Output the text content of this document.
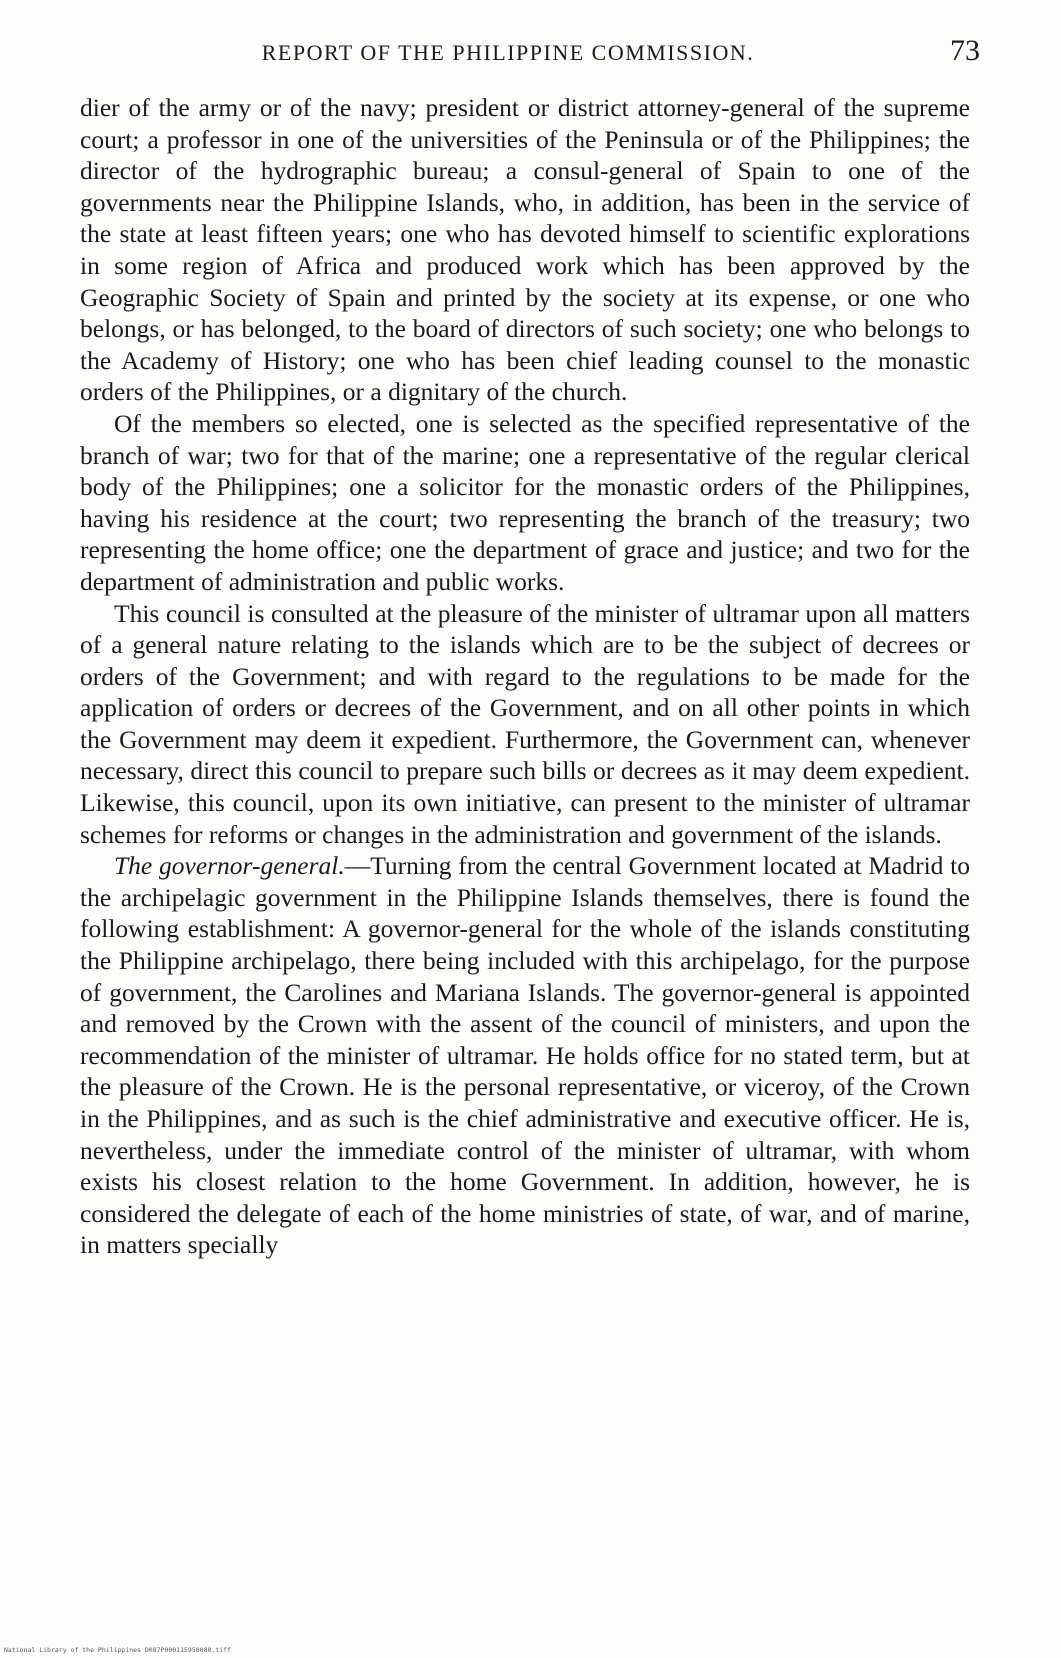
REPORT OF THE PHILIPPINE COMMISSION.	73

dier of the army or of the navy; president or district attorney-general of the supreme court; a professor in one of the universities of the Peninsula or of the Philippines; the director of the hydrographic bureau; a consul-general of Spain to one of the governments near the Philippine Islands, who, in addition, has been in the service of the state at least fifteen years; one who has devoted himself to scientific explorations in some region of Africa and produced work which has been approved by the Geographic Society of Spain and printed by the society at its expense, or one who belongs, or has belonged, to the board of directors of such society; one who belongs to the Academy of History; one who has been chief leading counsel to the monastic orders of the Philippines, or a dignitary of the church.

Of the members so elected, one is selected as the specified representative of the branch of war; two for that of the marine; one a representative of the regular clerical body of the Philippines; one a solicitor for the monastic orders of the Philippines, having his residence at the court; two representing the branch of the treasury; two representing the home office; one the department of grace and justice; and two for the department of administration and public works.

This council is consulted at the pleasure of the minister of ultramar upon all matters of a general nature relating to the islands which are to be the subject of decrees or orders of the Government; and with regard to the regulations to be made for the application of orders or decrees of the Government, and on all other points in which the Government may deem it expedient. Furthermore, the Government can, whenever necessary, direct this council to prepare such bills or decrees as it may deem expedient. Likewise, this council, upon its own initiative, can present to the minister of ultramar schemes for reforms or changes in the administration and government of the islands.

The governor-general.—Turning from the central Government located at Madrid to the archipelagic government in the Philippine Islands themselves, there is found the following establishment: A governor-general for the whole of the islands constituting the Philippine archipelago, there being included with this archipelago, for the purpose of government, the Carolines and Mariana Islands. The governor-general is appointed and removed by the Crown with the assent of the council of ministers, and upon the recommendation of the minister of ultramar. He holds office for no stated term, but at the pleasure of the Crown. He is the personal representative, or viceroy, of the Crown in the Philippines, and as such is the chief administrative and executive officer. He is, nevertheless, under the immediate control of the minister of ultramar, with whom exists his closest relation to the home Government. In addition, however, he is considered the delegate of each of the home ministries of state, of war, and of marine, in matters specially

National Library of the Philippines D087P000115950080.tiff
